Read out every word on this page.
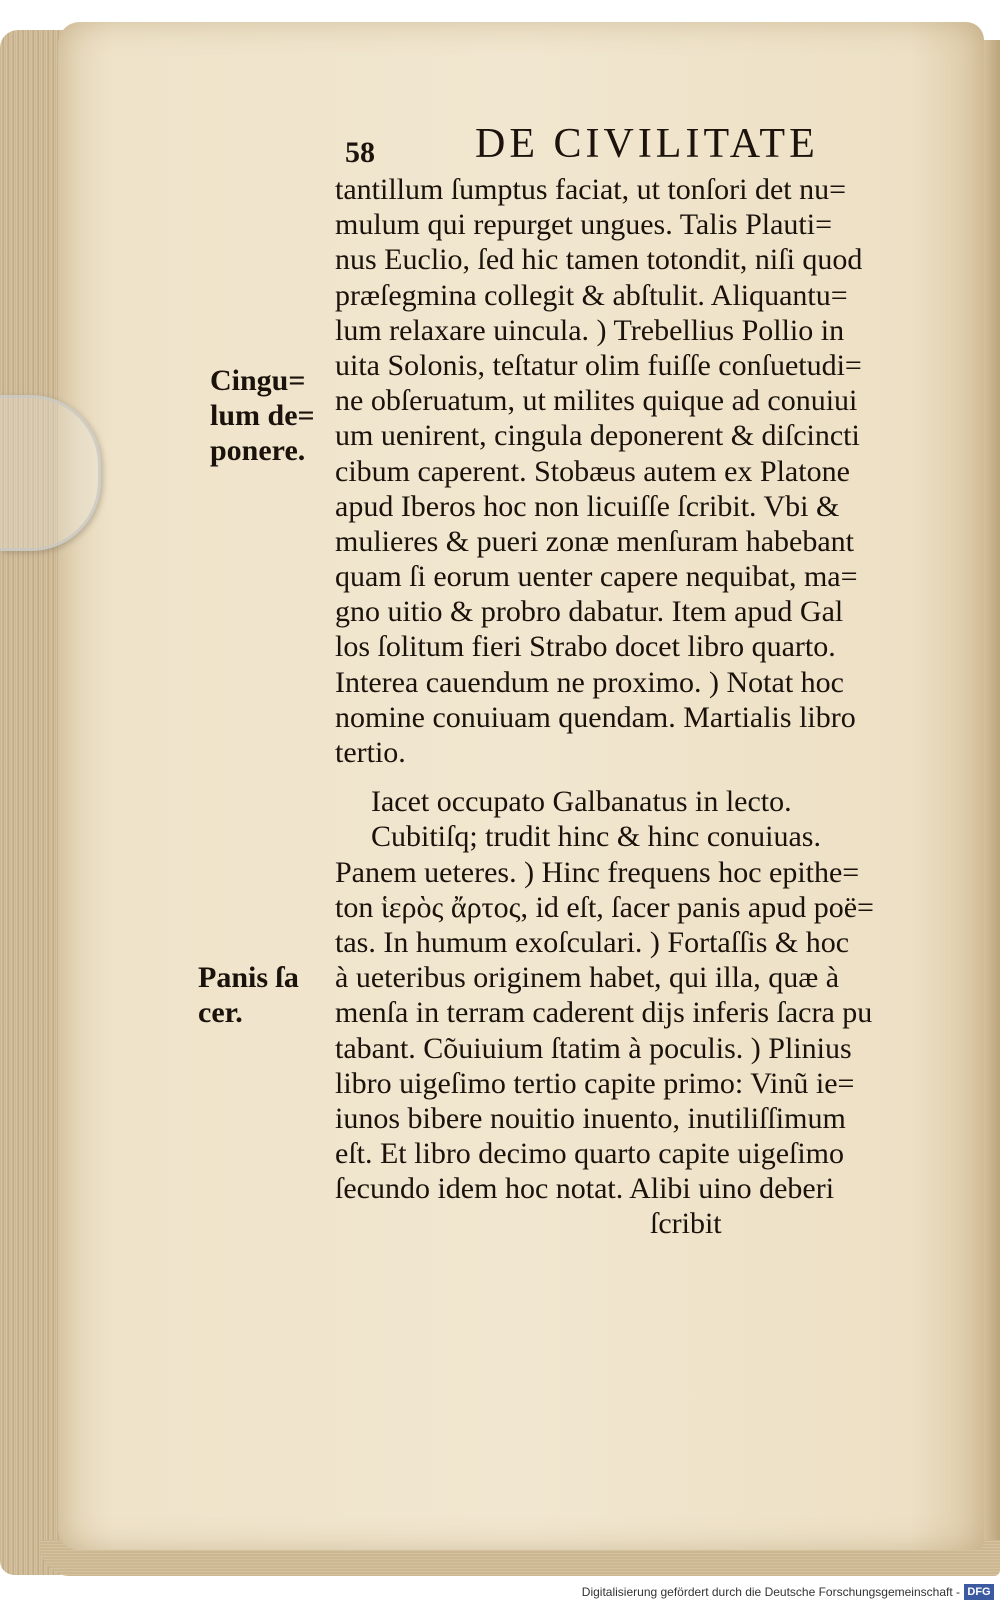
58 DE CIVILITATE
Cingu=
lum de=
ponere.
Panis ſa
cer.
tantillum ſumptus faciat, ut tonſori det nu=
mulum qui repurget ungues. Talis Plauti=
nus Euclio, ſed hic tamen totondit, niſi quod
præſegmina collegit & abſtulit. Aliquantu=
lum relaxare uincula. ) Trebellius Pollio in
uita Solonis, teſtatur olim fuiſſe conſuetudi=
ne obſeruatum, ut milites quique ad conuiui
um uenirent, cingula deponerent & diſcincti
cibum caperent. Stobæus autem ex Platone
apud Iberos hoc non licuiſſe ſcribit. Vbi &
mulieres & pueri zonæ menſuram habebant
quam ſi eorum uenter capere nequibat, ma=
gno uitio & probro dabatur. Item apud Gal
los ſolitum fieri Strabo docet libro quarto.
Interea cauendum ne proximo. ) Notat hoc
nomine conuiuam quendam. Martialis libro
tertio.
Iacet occupato Galbanatus in lecto.
Cubitiſq; trudit hinc & hinc conuiuas.
Panem ueteres. ) Hinc frequens hoc epithe=
ton ἱερὸς ἄρτος, id eſt, ſacer panis apud poë=
tas. In humum exoſculari. ) Fortaſſis & hoc
à ueteribus originem habet, qui illa, quæ à
menſa in terram caderent dijs inferis ſacra pu
tabant. Cõuiuium ſtatim à poculis. ) Plinius
libro uigeſimo tertio capite primo: Vinũ ie=
iunos bibere nouitio inuento, inutiliſſimum
eſt. Et libro decimo quarto capite uigeſimo
ſecundo idem hoc notat. Alibi uino deberi
ſcribit
Digitalisierung gefördert durch die Deutsche Forschungsgemeinschaft - DFG
